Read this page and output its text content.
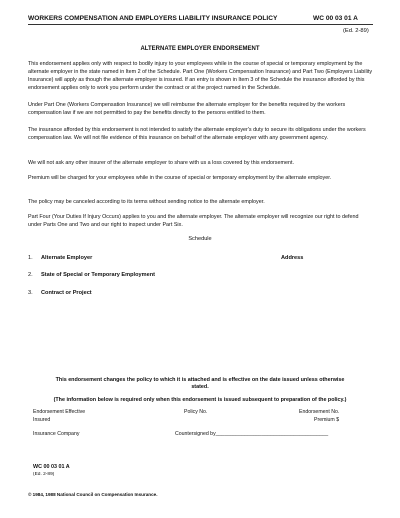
WORKERS COMPENSATION AND EMPLOYERS LIABILITY INSURANCE POLICY	WC 00 03 01 A
(Ed. 2-89)
ALTERNATE EMPLOYER ENDORSEMENT

This endorsement applies only with respect to bodily injury to your employees while in the course of special or temporary employment by the alternate employer in the state named in Item 2 of the Schedule. Part One (Workers Compensation Insurance) and Part Two (Employers Liability Insurance) will apply as though the alternate employer is insured. If an entry is shown in Item 3 of the Schedule the insurance afforded by this endorsement applies only to work you perform under the contract or at the project named in the Schedule.

Under Part One (Workers Compensation Insurance) we will reimburse the alternate employer for the benefits required by the workers compensation law if we are not permitted to pay the benefits directly to the persons entitled to them.

The insurance afforded by this endorsement is not intended to satisfy the alternate employer's duty to secure its obligations under the workers compensation law. We will not file evidence of this insurance on behalf of the alternate employer with any government agency.

We will not ask any other insurer of the alternate employer to share with us a loss covered by this endorsement.

Premium will be charged for your employees while in the course of special or temporary employment by the alternate employer.

The policy may be canceled according to its terms without sending notice to the alternate employer.

Part Four (Your Duties If Injury Occurs) applies to you and the alternate employer. The alternate employer will recognize our right to defend under Parts One and Two and our right to inspect under Part Six.

Schedule
1. Alternate Employer	Address
2. State of Special or Temporary Employment
3. Contract or Project
This endorsement changes the policy to which it is attached and is effective on the date issued unless otherwise stated.
(The information below is required only when this endorsement is issued subsequent to preparation of the policy.)
Endorsement Effective	Policy No.	Endorsement No.
Insured	Premium $
Insurance Company	Countersigned by_______________________________________
WC 00 03 01 A
(Ed. 2-89)
© 1984, 1988 National Council on Compensation Insurance.
